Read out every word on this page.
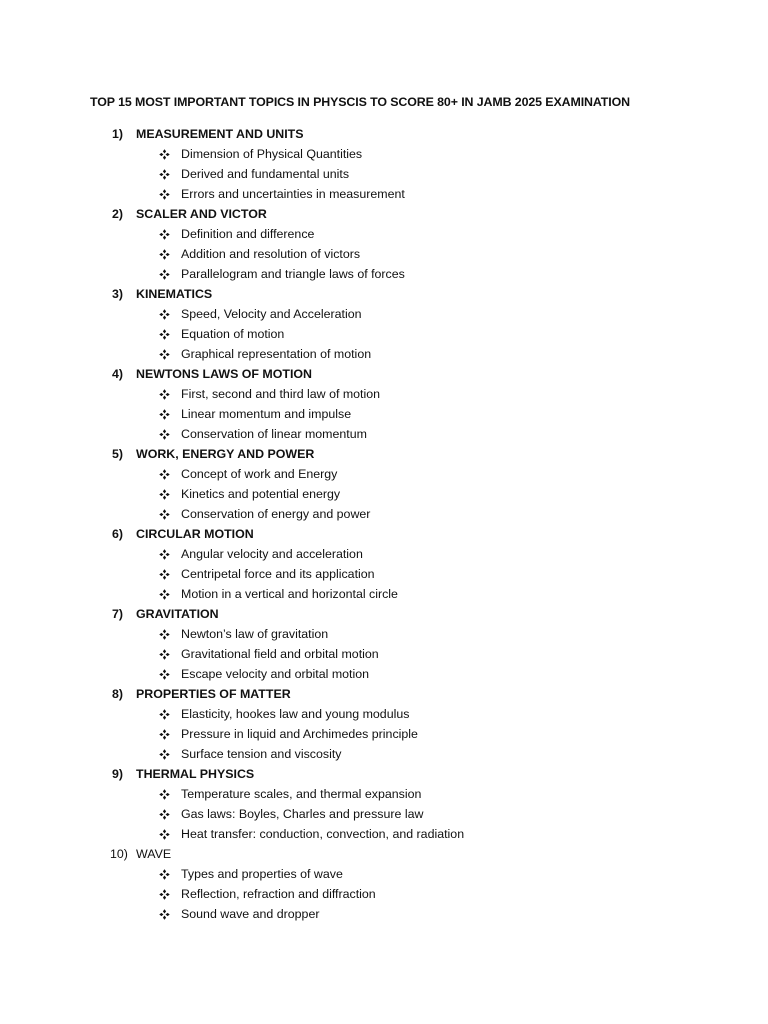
TOP 15 MOST IMPORTANT TOPICS IN PHYSCIS TO SCORE 80+ IN JAMB 2025 EXAMINATION
1) MEASUREMENT AND UNITS
Dimension of Physical Quantities
Derived and fundamental units
Errors and uncertainties in measurement
2) SCALER AND VICTOR
Definition and difference
Addition and resolution of victors
Parallelogram and triangle laws of forces
3) KINEMATICS
Speed, Velocity and Acceleration
Equation of motion
Graphical representation of motion
4) NEWTONS LAWS OF MOTION
First, second and third law of motion
Linear momentum and impulse
Conservation of linear momentum
5) WORK, ENERGY AND POWER
Concept of work and Energy
Kinetics and potential energy
Conservation of energy and power
6) CIRCULAR MOTION
Angular velocity and acceleration
Centripetal force and its application
Motion in a vertical and horizontal circle
7) GRAVITATION
Newton’s law of gravitation
Gravitational field and orbital motion
Escape velocity and orbital motion
8) PROPERTIES OF MATTER
Elasticity, hookes law and young modulus
Pressure in liquid and Archimedes principle
Surface tension and viscosity
9) THERMAL PHYSICS
Temperature scales, and thermal expansion
Gas laws: Boyles, Charles and pressure law
Heat transfer: conduction, convection, and radiation
10) WAVE
Types and properties of wave
Reflection, refraction and diffraction
Sound wave and dropper
